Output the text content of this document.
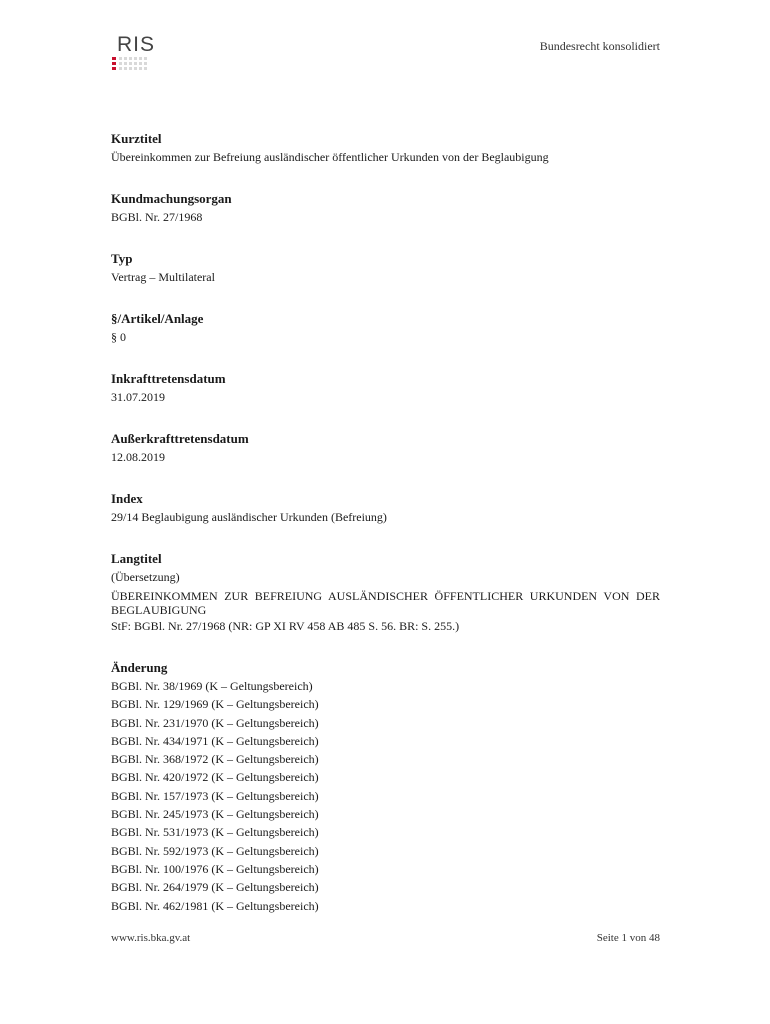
RIS	Bundesrecht konsolidiert
Kurztitel
Übereinkommen zur Befreiung ausländischer öffentlicher Urkunden von der Beglaubigung
Kundmachungsorgan
BGBl. Nr. 27/1968
Typ
Vertrag – Multilateral
§/Artikel/Anlage
§ 0
Inkrafttretensdatum
31.07.2019
Außerkrafttretensdatum
12.08.2019
Index
29/14 Beglaubigung ausländischer Urkunden (Befreiung)
Langtitel
(Übersetzung)
ÜBEREINKOMMEN ZUR BEFREIUNG AUSLÄNDISCHER ÖFFENTLICHER URKUNDEN VON DER BEGLAUBIGUNG
StF: BGBl. Nr. 27/1968 (NR: GP XI RV 458 AB 485 S. 56. BR: S. 255.)
Änderung
BGBl. Nr. 38/1969 (K – Geltungsbereich)
BGBl. Nr. 129/1969 (K – Geltungsbereich)
BGBl. Nr. 231/1970 (K – Geltungsbereich)
BGBl. Nr. 434/1971 (K – Geltungsbereich)
BGBl. Nr. 368/1972 (K – Geltungsbereich)
BGBl. Nr. 420/1972 (K – Geltungsbereich)
BGBl. Nr. 157/1973 (K – Geltungsbereich)
BGBl. Nr. 245/1973 (K – Geltungsbereich)
BGBl. Nr. 531/1973 (K – Geltungsbereich)
BGBl. Nr. 592/1973 (K – Geltungsbereich)
BGBl. Nr. 100/1976 (K – Geltungsbereich)
BGBl. Nr. 264/1979 (K – Geltungsbereich)
BGBl. Nr. 462/1981 (K – Geltungsbereich)
www.ris.bka.gv.at	Seite 1 von 48
